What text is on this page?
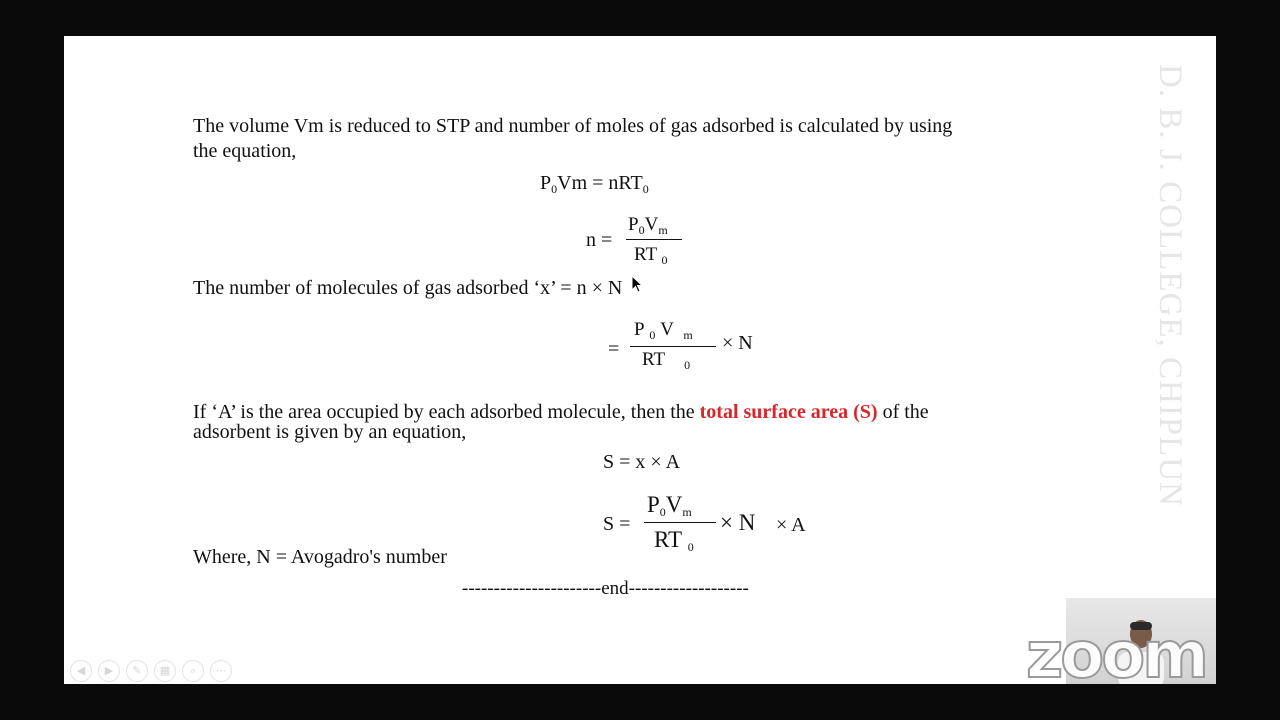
The volume Vm is reduced to STP and number of moles of gas adsorbed is calculated by using
the equation,
$P_0Vm = nRT_0$
n =
$P_0V_m$
RT $_0$
The number of molecules of gas adsorbed ‘x’ = n × N
=
P $_0$ V $_m$
RT $_0$
× N
If ‘A’ is the area occupied by each adsorbed molecule, then the total surface area (S) of the
adsorbent is given by an equation,
S = x × A
S =
$P_0V_m$
RT $_0$
× N × A
Where, N = Avogadro's number
----------------------end-------------------
D. B. J. COLLEGE, CHIPLUN
◀	▶	✎	▦	⌕	⋯	zoom
